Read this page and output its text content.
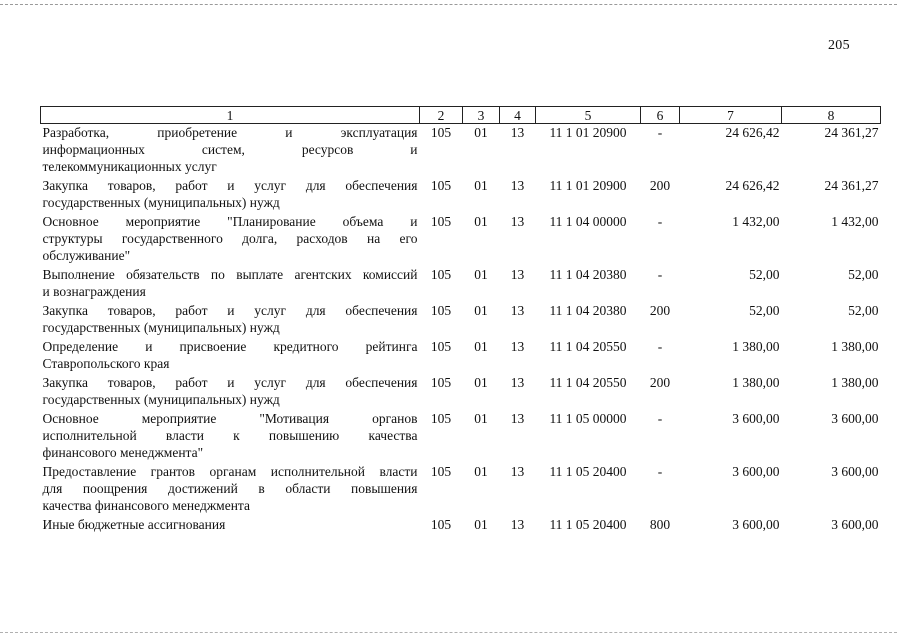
205
1	2	3	4	5	6	7	8

Разработка, приобретение и эксплуатация
информационных систем, ресурсов и
телекоммуникационных услуг	105	01	13	11 1 01 20900	-	24 626,42	24 361,27

Закупка товаров, работ и услуг для обеспечения
государственных (муниципальных) нужд	105	01	13	11 1 01 20900	200	24 626,42	24 361,27

Основное мероприятие "Планирование объема и
структуры государственного долга, расходов на его
обслуживание"	105	01	13	11 1 04 00000	-	1 432,00	1 432,00

Выполнение обязательств по выплате агентских комиссий
и вознаграждения	105	01	13	11 1 04 20380	-	52,00	52,00

Закупка товаров, работ и услуг для обеспечения
государственных (муниципальных) нужд	105	01	13	11 1 04 20380	200	52,00	52,00

Определение и присвоение кредитного рейтинга
Ставропольского края	105	01	13	11 1 04 20550	-	1 380,00	1 380,00

Закупка товаров, работ и услуг для обеспечения
государственных (муниципальных) нужд	105	01	13	11 1 04 20550	200	1 380,00	1 380,00

Основное мероприятие "Мотивация органов
исполнительной власти к повышению качества
финансового менеджмента"	105	01	13	11 1 05 00000	-	3 600,00	3 600,00

Предоставление грантов органам исполнительной власти
для поощрения достижений в области повышения
качества финансового менеджмента	105	01	13	11 1 05 20400	-	3 600,00	3 600,00

Иные бюджетные ассигнования	105	01	13	11 1 05 20400	800	3 600,00	3 600,00
